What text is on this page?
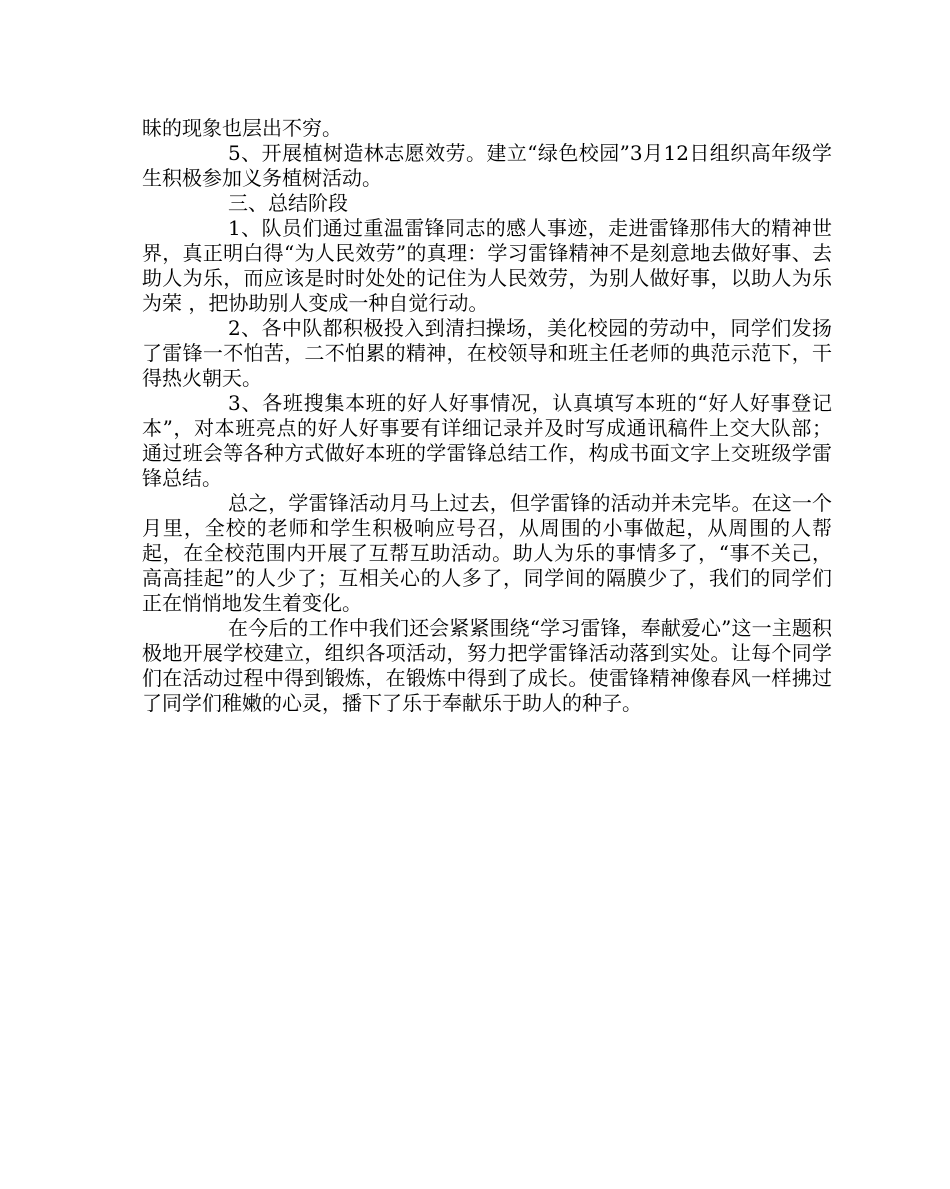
昧的现象也层出不穷。

5、开展植树造林志愿效劳。建立“绿色校园”3月12日组织高年级学生积极参加义务植树活动。

三、总结阶段

1、队员们通过重温雷锋同志的感人事迹，走进雷锋那伟大的精神世界，真正明白得“为人民效劳”的真理：学习雷锋精神不是刻意地去做好事、去助人为乐，而应该是时时处处的记住为人民效劳，为别人做好事，以助人为乐为荣 ，把协助别人变成一种自觉行动。

2、各中队都积极投入到清扫操场，美化校园的劳动中，同学们发扬了雷锋一不怕苦，二不怕累的精神，在校领导和班主任老师的典范示范下，干得热火朝天。

3、各班搜集本班的好人好事情况，认真填写本班的“好人好事登记本”，对本班亮点的好人好事要有详细记录并及时写成通讯稿件上交大队部；通过班会等各种方式做好本班的学雷锋总结工作，构成书面文字上交班级学雷锋总结。

总之，学雷锋活动月马上过去，但学雷锋的活动并未完毕。在这一个月里，全校的老师和学生积极响应号召，从周围的小事做起，从周围的人帮起，在全校范围内开展了互帮互助活动。助人为乐的事情多了，“事不关己，高高挂起”的人少了；互相关心的人多了，同学间的隔膜少了，我们的同学们正在悄悄地发生着变化。

在今后的工作中我们还会紧紧围绕“学习雷锋，奉献爱心”这一主题积极地开展学校建立，组织各项活动，努力把学雷锋活动落到实处。让每个同学们在活动过程中得到锻炼，在锻炼中得到了成长。使雷锋精神像春风一样拂过了同学们稚嫩的心灵，播下了乐于奉献乐于助人的种子。
